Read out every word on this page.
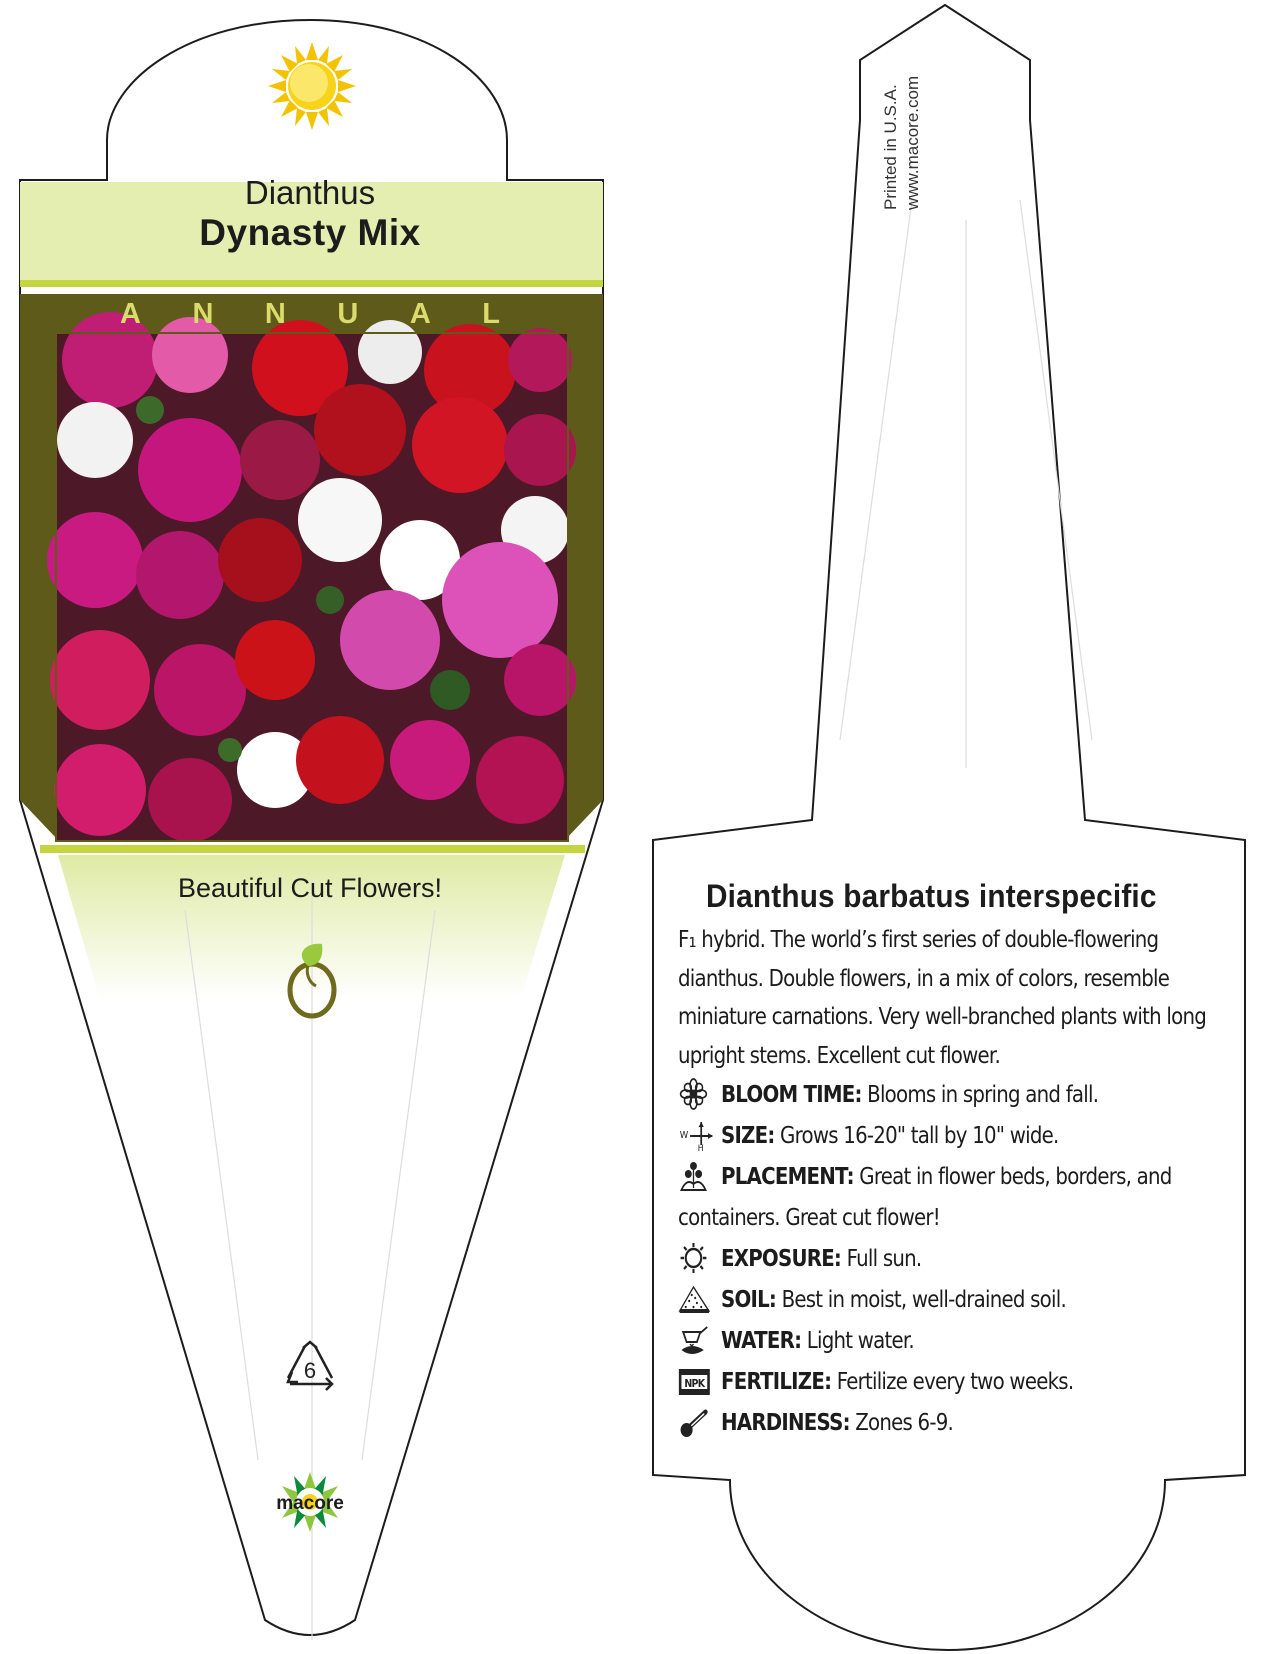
Dianthus
Dynasty Mix
A N N U A L
Beautiful Cut Flowers!
6
macore
Printed in U.S.A. www.macore.com
Dianthus barbatus interspecific
F₁ hybrid. The world’s first series of double-flowering dianthus. Double flowers, in a mix of colors, resemble miniature carnations. Very well-branched plants with long upright stems. Excellent cut flower.
BLOOM TIME: Blooms in spring and fall.
W
H SIZE: Grows 16-20" tall by 10" wide.
PLACEMENT: Great in flower beds, borders, and containers. Great cut flower!
EXPOSURE: Full sun.
SOIL: Best in moist, well-drained soil.
WATER: Light water.
NPK FERTILIZE: Fertilize every two weeks.
HARDINESS: Zones 6-9.
